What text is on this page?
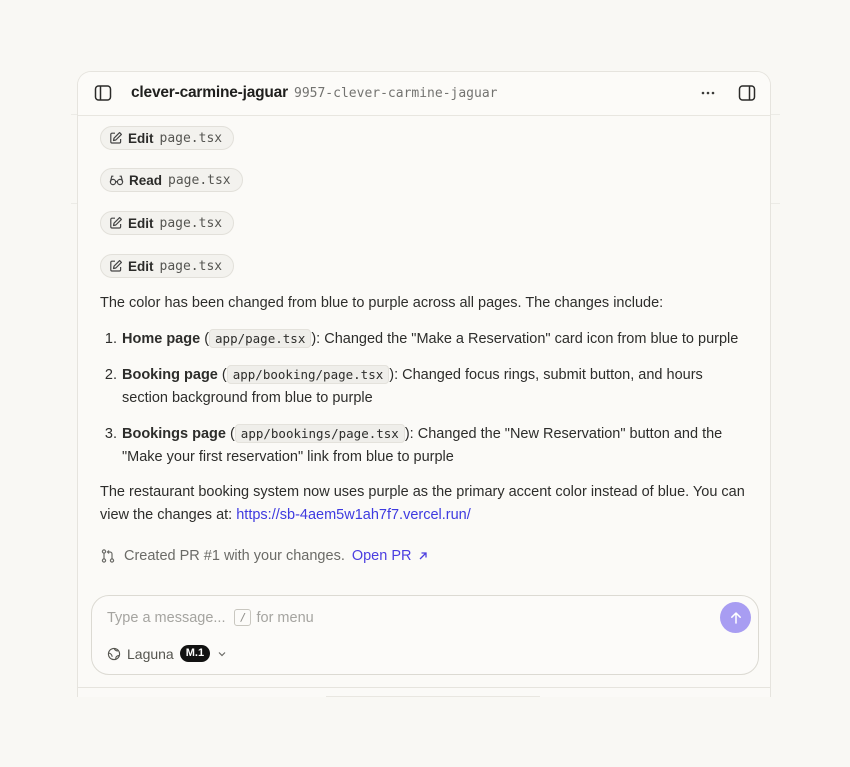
clever-carmine-jaguar 9957-clever-carmine-jaguar
Edit page.tsx
Read page.tsx
Edit page.tsx
Edit page.tsx
The color has been changed from blue to purple across all pages. The changes include:
1. Home page ( app/page.tsx ): Changed the "Make a Reservation" card icon from blue to purple
2. Booking page ( app/booking/page.tsx ): Changed focus rings, submit button, and hours section background from blue to purple
3. Bookings page ( app/bookings/page.tsx ): Changed the "New Reservation" button and the "Make your first reservation" link from blue to purple
The restaurant booking system now uses purple as the primary accent color instead of blue. You can view the changes at: https://sb-4aem5w1ah7f7.vercel.run/
Created PR #1 with your changes. Open PR
Type a message...	/ for menu
Laguna	M.1
